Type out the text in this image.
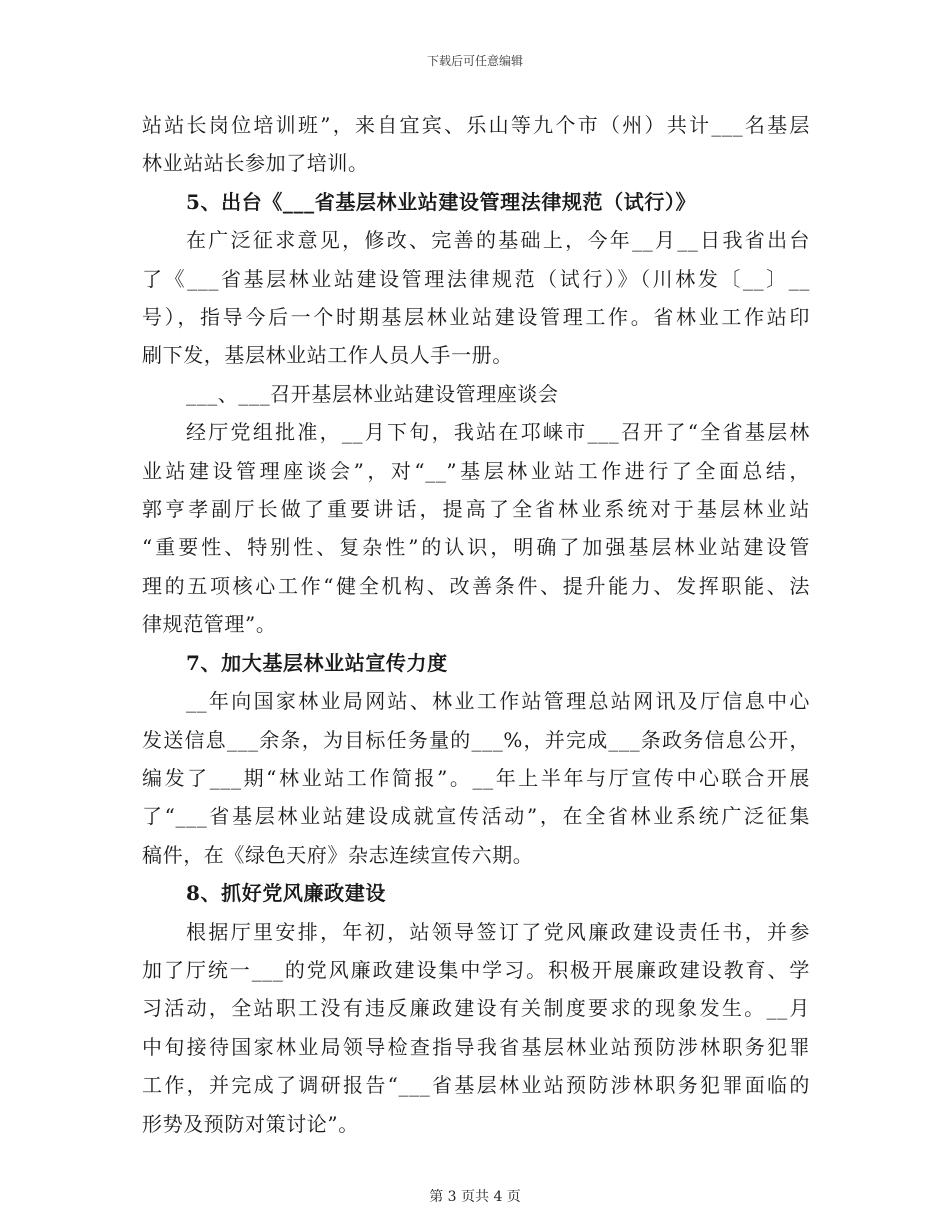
下载后可任意编辑

站站长岗位培训班”，来自宜宾、乐山等九个市（州）共计___名基层
林业站站长参加了培训。

5、出台《___省基层林业站建设管理法律规范（试行）》

在广泛征求意见，修改、完善的基础上，今年__月__日我省出台
了《___省基层林业站建设管理法律规范（试行）》（川林发〔__〕__
号），指导今后一个时期基层林业站建设管理工作。省林业工作站印
刷下发，基层林业站工作人员人手一册。

___、___召开基层林业站建设管理座谈会

经厅党组批准，__月下旬，我站在邛崃市___召开了“全省基层林
业站建设管理座谈会”，对“__”基层林业站工作进行了全面总结，
郭亨孝副厅长做了重要讲话，提高了全省林业系统对于基层林业站
“重要性、特别性、复杂性”的认识，明确了加强基层林业站建设管
理的五项核心工作“健全机构、改善条件、提升能力、发挥职能、法
律规范管理”。

7、加大基层林业站宣传力度

__年向国家林业局网站、林业工作站管理总站网讯及厅信息中心
发送信息___余条，为目标任务量的___%，并完成___条政务信息公开，
编发了___期“林业站工作简报”。__年上半年与厅宣传中心联合开展
了“___省基层林业站建设成就宣传活动”，在全省林业系统广泛征集
稿件，在《绿色天府》杂志连续宣传六期。

8、抓好党风廉政建设

根据厅里安排，年初，站领导签订了党风廉政建设责任书，并参
加了厅统一___的党风廉政建设集中学习。积极开展廉政建设教育、学
习活动，全站职工没有违反廉政建设有关制度要求的现象发生。__月
中旬接待国家林业局领导检查指导我省基层林业站预防涉林职务犯罪
工作，并完成了调研报告“___省基层林业站预防涉林职务犯罪面临的
形势及预防对策讨论”。

第 3 页共 4 页
